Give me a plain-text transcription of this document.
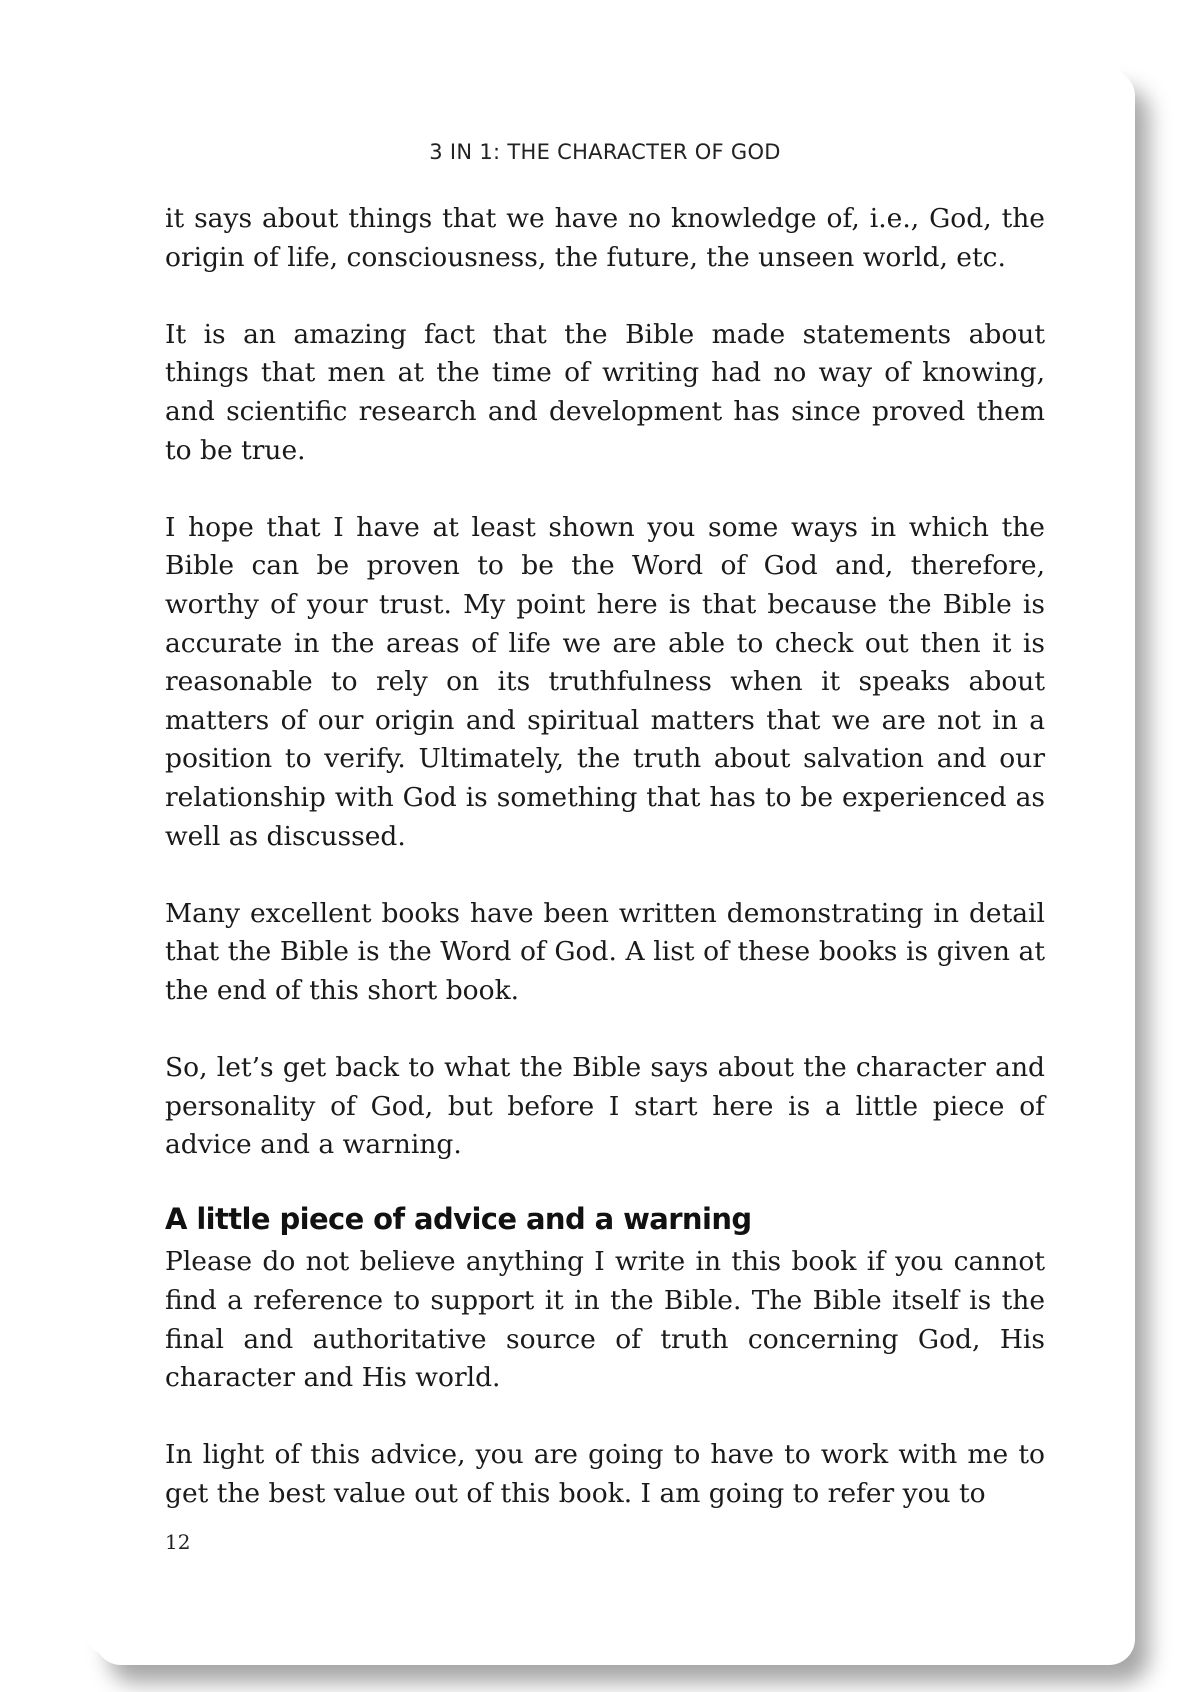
3 IN 1: THE CHARACTER OF GOD

it says about things that we have no knowledge of, i.e., God, the origin of life, consciousness, the future, the unseen world, etc.

It is an amazing fact that the Bible made statements about things that men at the time of writing had no way of knowing, and scientific research and development has since proved them to be true.

I hope that I have at least shown you some ways in which the Bible can be proven to be the Word of God and, therefore, worthy of your trust. My point here is that because the Bible is accurate in the areas of life we are able to check out then it is reasonable to rely on its truthfulness when it speaks about matters of our origin and spiritual matters that we are not in a position to verify. Ultimately, the truth about salvation and our relationship with God is something that has to be experienced as well as discussed.

Many excellent books have been written demonstrating in detail that the Bible is the Word of God. A list of these books is given at the end of this short book.

So, let’s get back to what the Bible says about the character and personality of God, but before I start here is a little piece of advice and a warning.

A little piece of advice and a warning

Please do not believe anything I write in this book if you cannot find a reference to support it in the Bible. The Bible itself is the final and authoritative source of truth concerning God, His character and His world.

In light of this advice, you are going to have to work with me to get the best value out of this book. I am going to refer you to

12
